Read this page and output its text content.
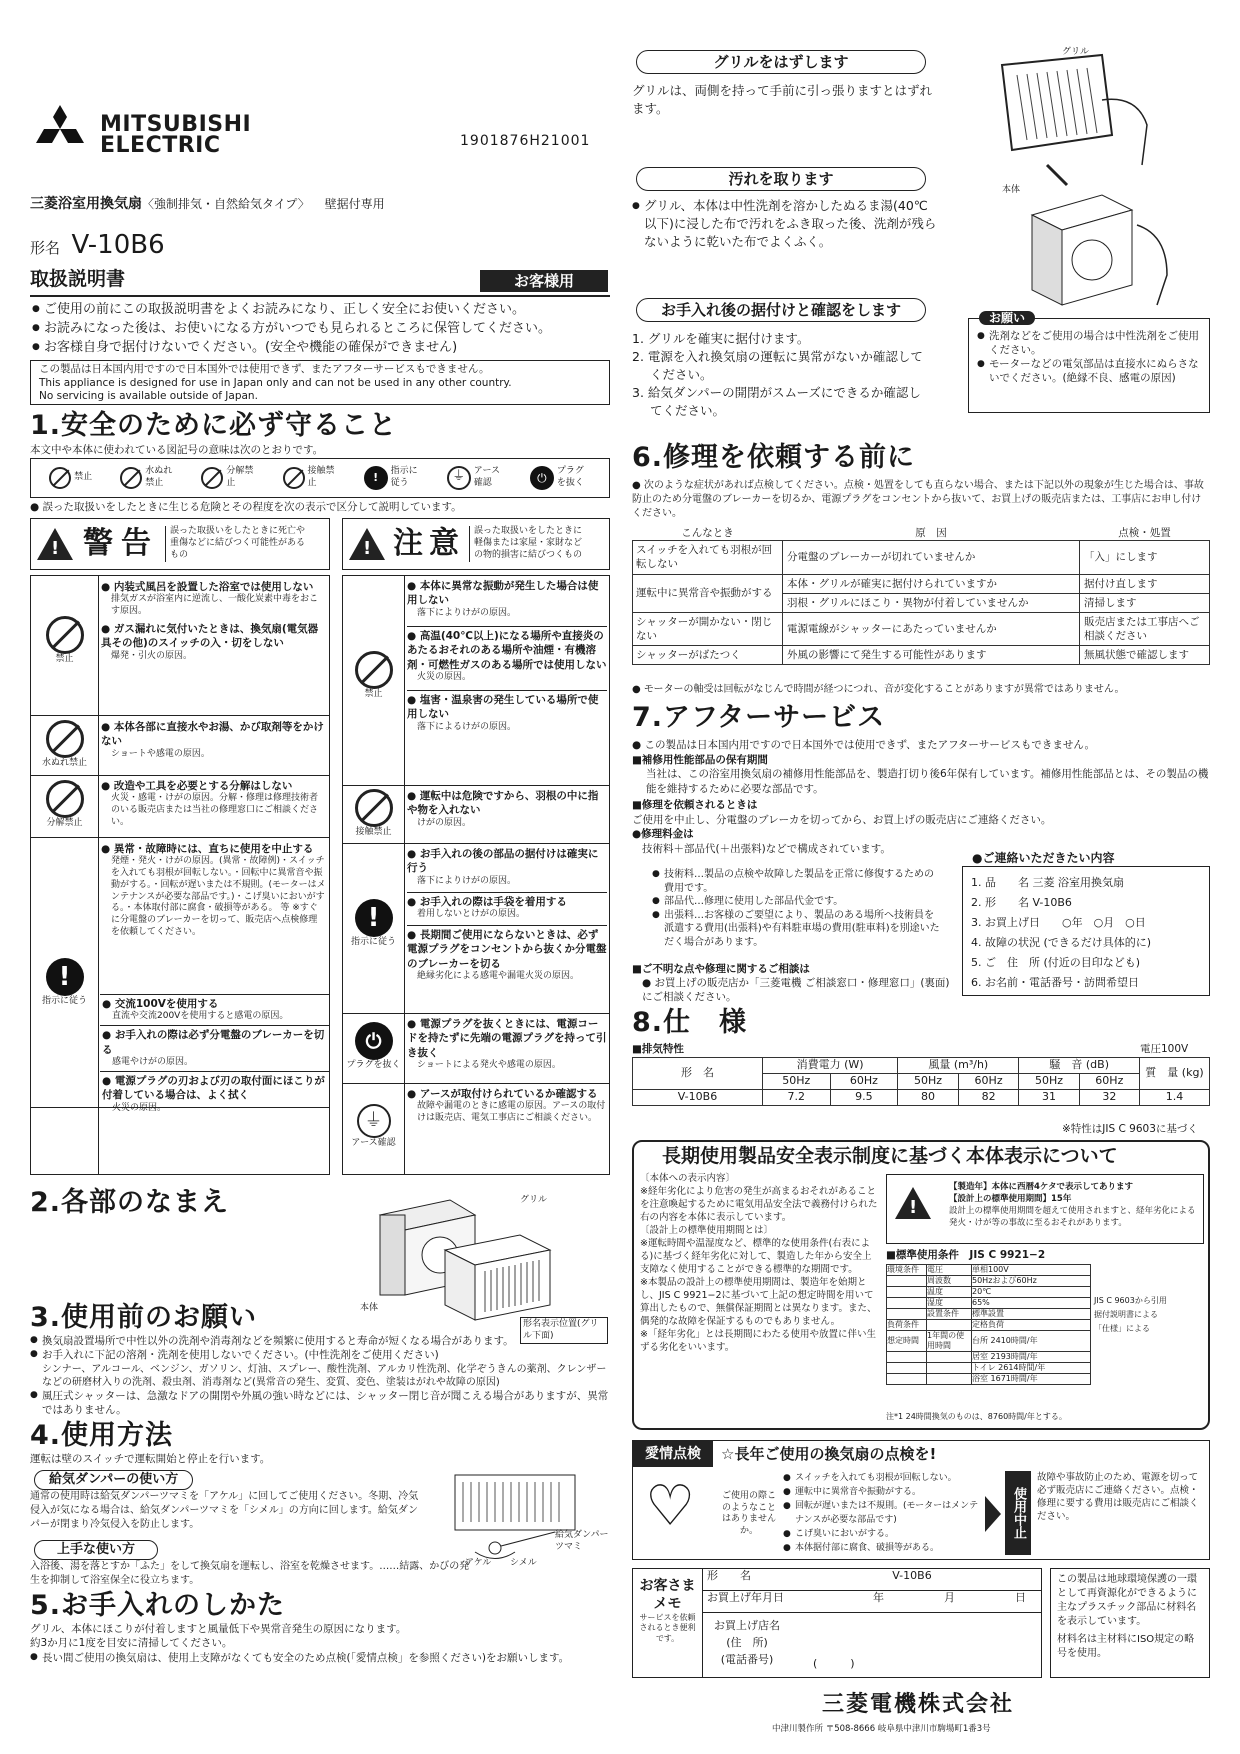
MITSUBISHI
ELECTRIC	1901876H21001
三菱浴室用換気扇〈強制排気・自然給気タイプ〉 壁据付専用
形名 V-10B6
取扱説明書	お客様用
● ご使用の前にこの取扱説明書をよくお読みになり、正しく安全にお使いください。
● お読みになった後は、お使いになる方がいつでも見られるところに保管してください。
● お客様自身で据付けないでください。(安全や機能の確保ができません)
この製品は日本国内用ですので日本国外では使用できず、またアフターサービスもできません。
This appliance is designed for use in Japan only and can not be used in any other country.
No servicing is available outside of Japan.
1.安全のために必ず守ること
本文中や本体に使われている図記号の意味は次のとおりです。
禁止
水ぬれ禁止
分解禁止
接触禁止	!	指示に従う	⏚ アース確認	⏻	プラグを抜く
● 誤った取扱いをしたときに生じる危険とその程度を次の表示で区分して説明しています。
! 警告	誤った取扱いをしたときに死亡や重傷などに結びつく可能性があるもの	! 注意	誤った取扱いをしたときに軽傷または家屋・家財などの物的損害に結びつくもの
禁止
● 内装式風呂を設置した浴室では使用しない
排気ガスが浴室内に逆流し、一酸化炭素中毒をおこす原因。
● ガス漏れに気付いたときは、換気扇(電気器具その他)のスイッチの入・切をしない
爆発・引火の原因。
水ぬれ禁止
● 本体各部に直接水やお湯、かび取剤等をかけない
ショートや感電の原因。
分解禁止
● 改造や工具を必要とする分解はしない
火災・感電・けがの原因。分解・修理は修理技術者のいる販売店または当社の修理窓口にご相談ください。
!
指示に従う
● 異常・故障時には、直ちに使用を中止する
発煙・発火・けがの原因。(異常・故障例)・スイッチを入れても羽根が回転しない。・回転中に異常音や振動がする。・回転が遅いまたは不規則。(モーターはメンテナンスが必要な部品です。)・こげ臭いにおいがする。・本体取付部に腐食・破損等がある。 等 ※すぐに分電盤のブレーカーを切って、販売店へ点検修理を依頼してください。
● 交流100Vを使用する
直流や交流200Vを使用すると感電の原因。
● お手入れの際は必ず分電盤のブレーカーを切る
感電やけがの原因。
● 電源プラグの刃および刃の取付面にほこりが付着している場合は、よく拭く
火災の原因。
禁止
● 本体に異常な振動が発生した場合は使用しない
落下によりけがの原因。
● 高温(40℃以上)になる場所や直接炎のあたるおそれのある場所や油煙・有機溶剤・可燃性ガスのある場所では使用しない
火災の原因。
● 塩害・温泉害の発生している場所で使用しない
落下によるけがの原因。
接触禁止
● 運転中は危険ですから、羽根の中に指や物を入れない
けがの原因。
!
指示に従う
● お手入れの後の部品の据付けは確実に行う
落下によりけがの原因。
● お手入れの際は手袋を着用する
着用しないとけがの原因。
● 長期間ご使用にならないときは、必ず電源プラグをコンセントから抜くか分電盤のブレーカーを切る
絶縁劣化による感電や漏電火災の原因。
⏻
プラグを抜く
● 電源プラグを抜くときには、電源コードを持たずに先端の電源プラグを持って引き抜く
ショートによる発火や感電の原因。
⏚
アース確認
● アースが取付けられているか確認する
故障や漏電のときに感電の原因。アースの取付けは販売店、電気工事店にご相談ください。
2.各部のなまえ	グリル
本体
形名表示位置(グリル下面)
3.使用前のお願い
● 換気扇設置場所で中性以外の洗剤や消毒剤などを頻繁に使用すると寿命が短くなる場合があります。
● お手入れに下記の溶剤・洗剤を使用しないでください。(中性洗剤をご使用ください)
シンナー、アルコール、ベンジン、ガソリン、灯油、スプレー、酸性洗剤、アルカリ性洗剤、化学ぞうきんの薬剤、クレンザーなどの研磨材入りの洗剤、殺虫剤、消毒剤など(異常音の発生、変質、変色、塗装はがれや故障の原因)
● 風圧式シャッターは、急激なドアの開閉や外風の強い時などには、シャッター閉じ音が聞こえる場合がありますが、異常ではありません。
4.使用方法
運転は壁のスイッチで運転開始と停止を行います。
給気ダンパーの使い方
通常の使用時は給気ダンパーツマミを「アケル」に回してご使用ください。冬期、冷気侵入が気になる場合は、給気ダンパーツマミを「シメル」の方向に回します。給気ダンパーが閉まり冷気侵入を防止します。
上手な使い方
入浴後、湯を落とすか「ふた」をして換気扇を運転し、浴室を乾燥させます。……結露、かびの発生を抑制して浴室保全に役立ちます。
給気ダンパーツマミ
アケル シメル
5.お手入れのしかた
グリル、本体にほこりが付着しますと風量低下や異常音発生の原因になります。
約3か月に1度を目安に清掃してください。
● 長い間ご使用の換気扇は、使用上支障がなくても安全のため点検(「愛情点検」を参照ください)をお願いします。
グリルをはずします
グリルは、両側を持って手前に引っ張りますとはずれます。
汚れを取ります
● グリル、本体は中性洗剤を溶かしたぬるま湯(40℃以下)に浸した布で汚れをふき取った後、洗剤が残らないように乾いた布でよくふく。
お手入れ後の据付けと確認をします
1. グリルを確実に据付けます。
2. 電源を入れ換気扇の運転に異常がないか確認してください。
3. 給気ダンパーの開閉がスムーズにできるか確認してください。
グリル
本体
お願い
● 洗剤などをご使用の場合は中性洗剤をご使用ください。
● モーターなどの電気部品は直接水にぬらさないでください。(絶縁不良、感電の原因)
6.修理を依頼する前に
● 次のような症状があれば点検してください。点検・処置をしても直らない場合、または下記以外の現象が生じた場合は、事故防止のため分電盤のブレーカーを切るか、電源プラグをコンセントから抜いて、お買上げの販売店または、工事店にお申し付けください。
こんなとき	原　因	点検・処置
スイッチを入れても羽根が回転しない	分電盤のブレーカーが切れていませんか	「入」にします
運転中に異常音や振動がする	本体・グリルが確実に据付けられていますか	据付け直します
	羽根・グリルにほこり・異物が付着していませんか	清掃します
シャッターが開かない・閉じない	電源電線がシャッターにあたっていませんか	販売店または工事店へご相談ください
シャッターがばたつく	外風の影響にて発生する可能性があります	無風状態で確認します
● モーターの軸受は回転がなじんで時間が経つにつれ、音が変化することがありますが異常ではありません。
7.アフターサービス
● この製品は日本国内用ですので日本国外では使用できず、またアフターサービスもできません。
■補修用性能部品の保有期間
当社は、この浴室用換気扇の補修用性能部品を、製造打切り後6年保有しています。補修用性能部品とは、その製品の機能を維持するために必要な部品です。
■修理を依頼されるときは
ご使用を中止し、分電盤のブレーカを切ってから、お買上げの販売店にご連絡ください。
●修理料金は
技術料＋部品代(＋出張料)などで構成されています。
● 技術料…製品の点検や故障した製品を正常に修復するための費用です。
● 部品代…修理に使用した部品代金です。
● 出張料…お客様のご要望により、製品のある場所へ技術員を派遣する費用(出張料)や有料駐車場の費用(駐車料)を別途いただく場合があります。
■ご不明な点や修理に関するご相談は
● お買上げの販売店か「三菱電機 ご相談窓口・修理窓口」(裏面)にご相談ください。
●ご連絡いただきたい内容
1. 品　　名 三菱 浴室用換気扇
2. 形　　名 V-10B6
3. お買上げ日　　○年　○月　○日
4. 故障の状況 (できるだけ具体的に)
5. ご　住　所 (付近の目印なども)
6. お名前・電話番号・訪問希望日
8.仕　様
■排気特性	電圧100V
形　名	消費電力 (W)		風量 (m³/h)		騒　音 (dB)		質　量 (kg)
	50Hz	60Hz	50Hz	60Hz	50Hz	60Hz	
V-10B6	7.2	9.5	80	82	31	32	1.4
※特性はJIS C 9603に基づく
長期使用製品安全表示制度に基づく本体表示について
〔本体への表示内容〕
※経年劣化により危害の発生が高まるおそれがあることを注意喚起するために電気用品安全法で義務付けられた右の内容を本体に表示しています。
〔設計上の標準使用期間とは〕
※運転時間や温湿度など、標準的な使用条件(右表による)に基づく経年劣化に対して、製造した年から安全上支障なく使用することができる標準的な期間です。
※本製品の設計上の標準使用期間は、製造年を始期とし、JIS C 9921−2に基づいて上記の想定時間を用いて算出したもので、無償保証期間とは異なります。また、偶発的な故障を保証するものでもありません。
※「経年劣化」とは長期間にわたる使用や放置に伴い生ずる劣化をいいます。
!
【製造年】本体に西暦4ケタで表示してあります
【設計上の標準使用期間】15年
設計上の標準使用期間を超えて使用されますと、経年劣化による発火・けが等の事故に至るおそれがあります。
■標準使用条件　JIS C 9921−2
環境条件	電圧	単相100V
	周波数	50Hzおよび60Hz
	温度	20℃
	湿度	65%
	設置条件	標準設置
負荷条件		定格負荷
想定時間	1年間の使用時間	台所 2410時間/年
		居室 2193時間/年
		トイレ 2614時間/年
		浴室 1671時間/年
JIS C 9603から引用
据付説明書による
「仕様」による
注*1 24時間換気のものは、8760時間/年とする。
愛情点検	☆長年ご使用の換気扇の点検を!
♡	ご使用の際このようなことはありませんか。
● スイッチを入れても羽根が回転しない。
● 運転中に異常音や振動がする。
● 回転が遅いまたは不規則。(モーターはメンテナンスが必要な部品です)
● こげ臭いにおいがする。
● 本体据付部に腐食、破損等がある。
使用中止
故障や事故防止のため、電源を切って必ず販売店にご連絡ください。点検・修理に要する費用は販売店にご相談ください。
お客さまメモ
サービスを依頼されるとき便利です。
形　　名	V-10B6
お買上げ年月日	年	月	日
お買上げ店名
(住　所)
(電話番号)	(　　　)
この製品は地球環境保護の一環として再資源化ができるように主なプラスチック部品に材料名を表示しています。
材料名は主材料にISO規定の略号を使用。
三菱電機株式会社
中津川製作所 〒508-8666 岐阜県中津川市駒場町1番3号
